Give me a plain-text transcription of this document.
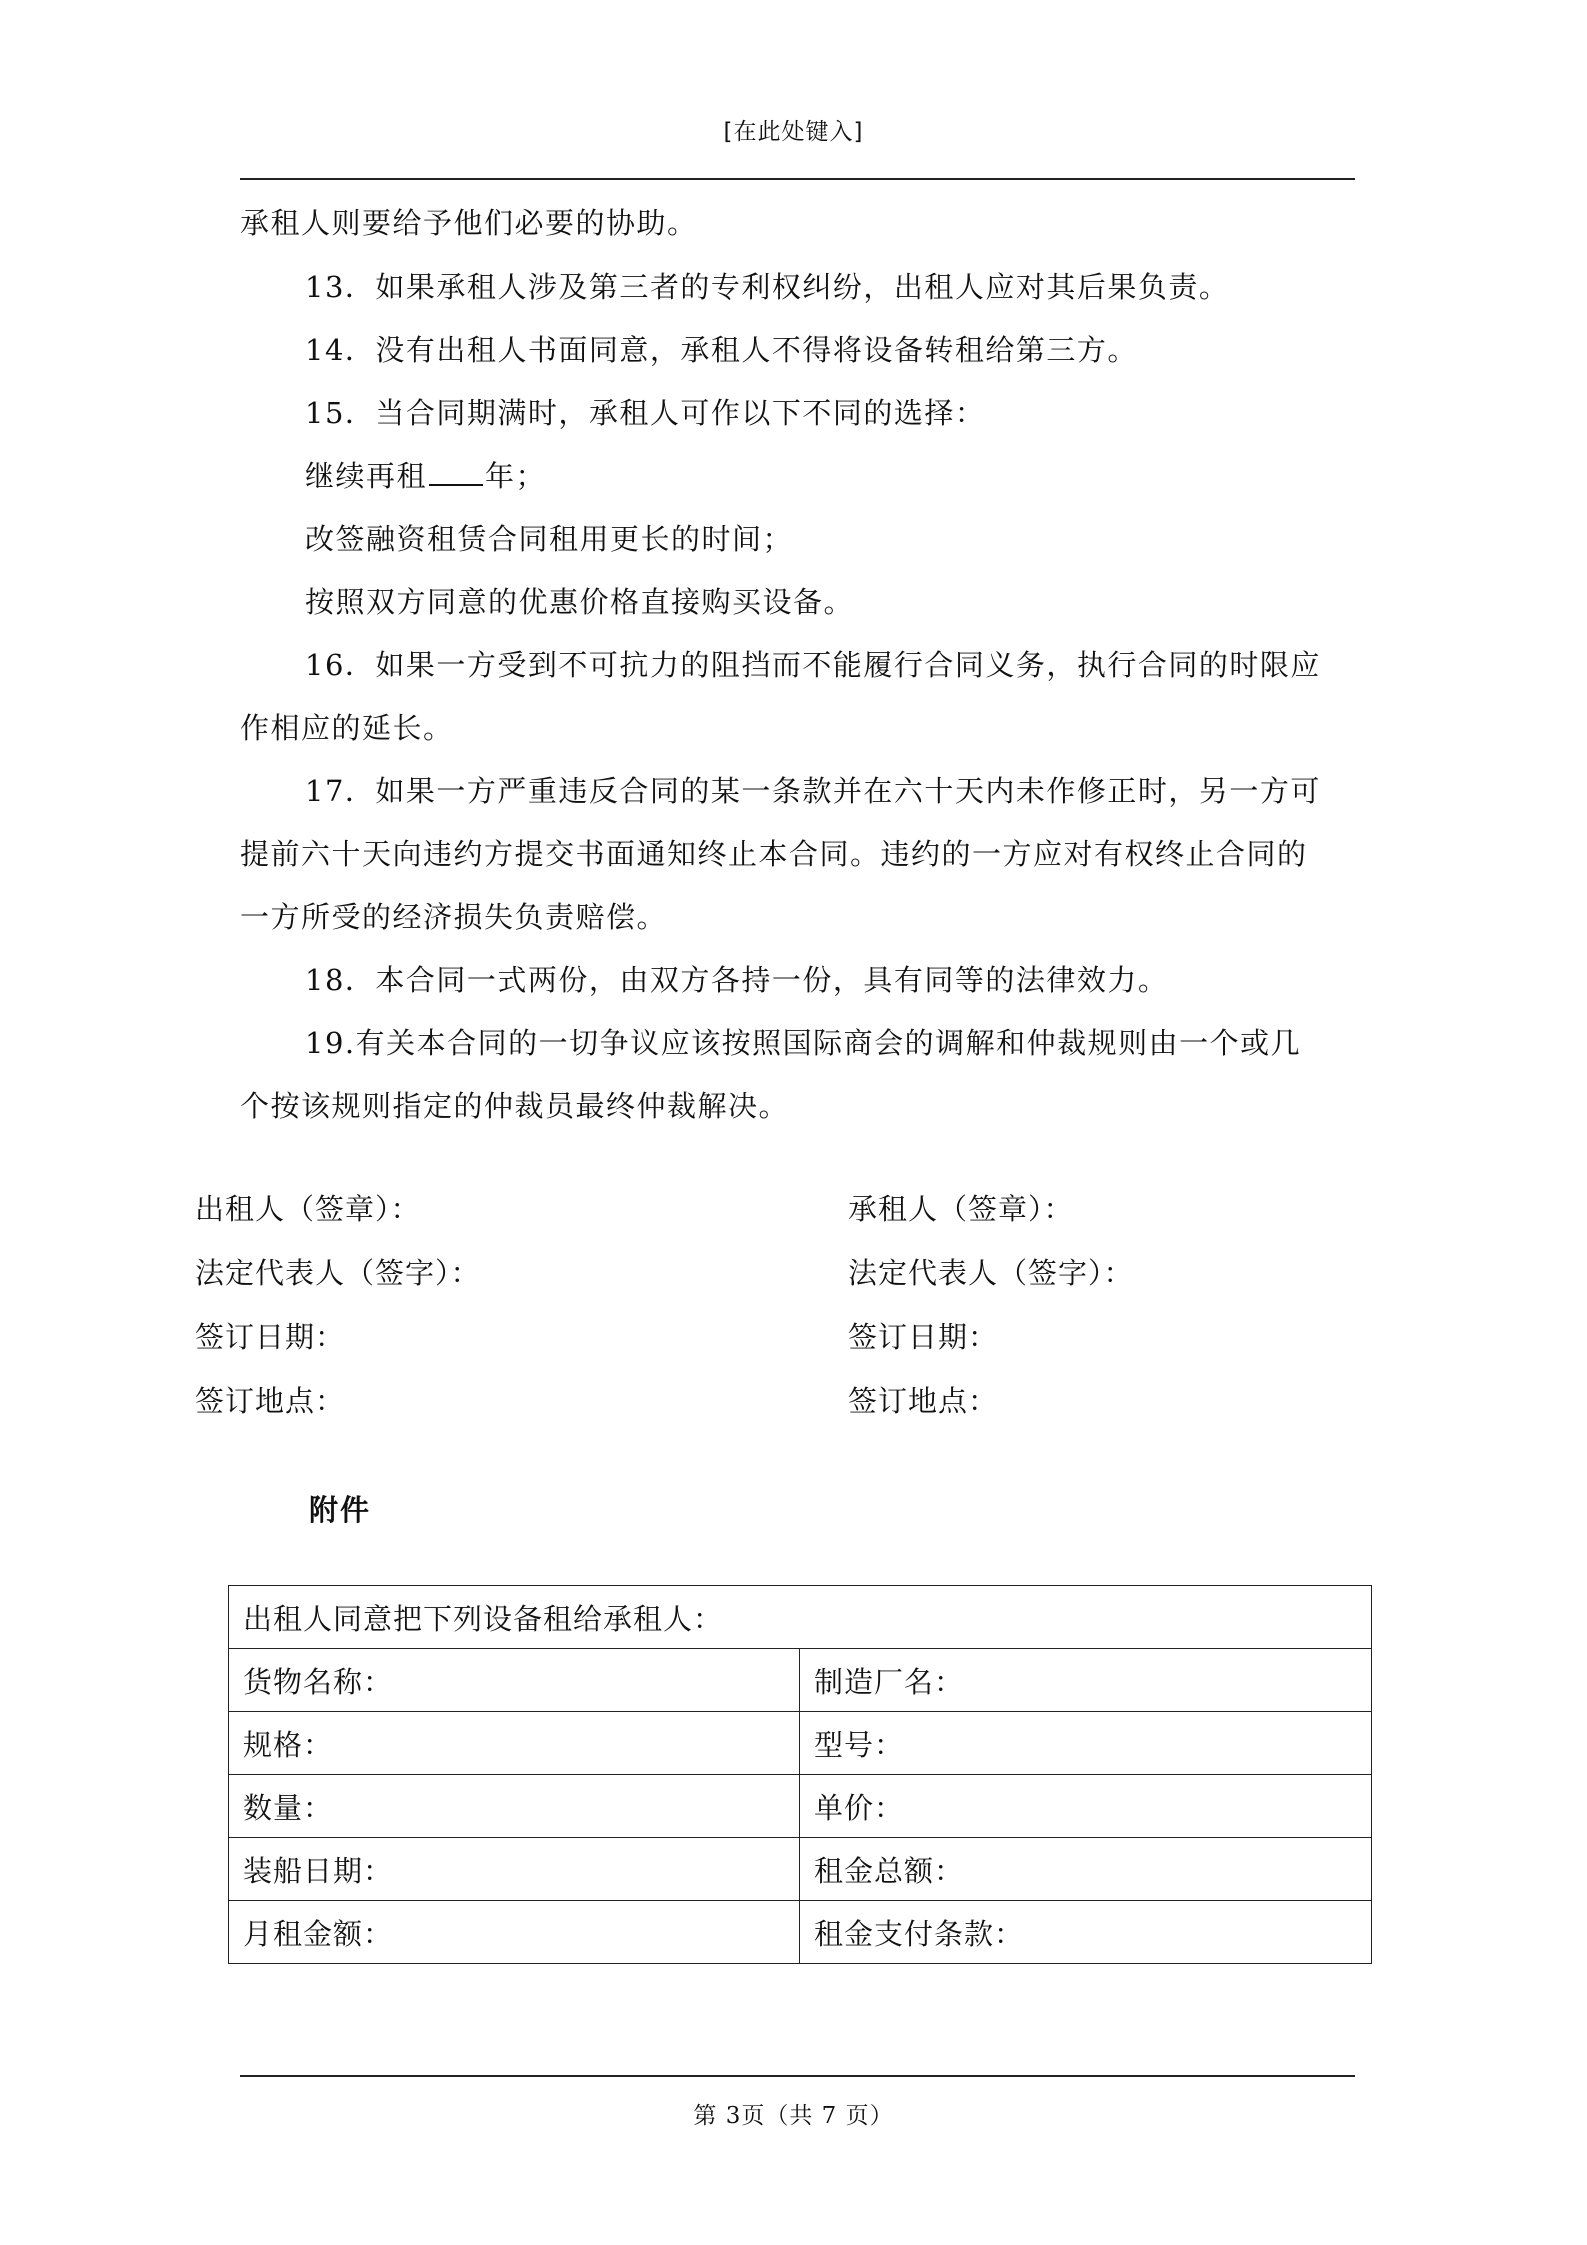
[在此处键入]
承租人则要给予他们必要的协助。
13．如果承租人涉及第三者的专利权纠纷，出租人应对其后果负责。
14．没有出租人书面同意，承租人不得将设备转租给第三方。
15．当合同期满时，承租人可作以下不同的选择：
继续再租 年；
改签融资租赁合同租用更长的时间；
按照双方同意的优惠价格直接购买设备。
16．如果一方受到不可抗力的阻挡而不能履行合同义务，执行合同的时限应
作相应的延长。
17．如果一方严重违反合同的某一条款并在六十天内未作修正时，另一方可
提前六十天向违约方提交书面通知终止本合同。违约的一方应对有权终止合同的
一方所受的经济损失负责赔偿。
18．本合同一式两份，由双方各持一份，具有同等的法律效力。
19.有关本合同的一切争议应该按照国际商会的调解和仲裁规则由一个或几
个按该规则指定的仲裁员最终仲裁解决。
出租人（签章）：	承租人（签章）：
法定代表人（签字）：	法定代表人（签字）：
签订日期：	签订日期：
签订地点：	签订地点：
附件
出租人同意把下列设备租给承租人：	
货物名称：	制造厂名：
规格：	型号：
数量：	单价：
装船日期：	租金总额：
月租金额：	租金支付条款：
第 3页（共 7 页）
